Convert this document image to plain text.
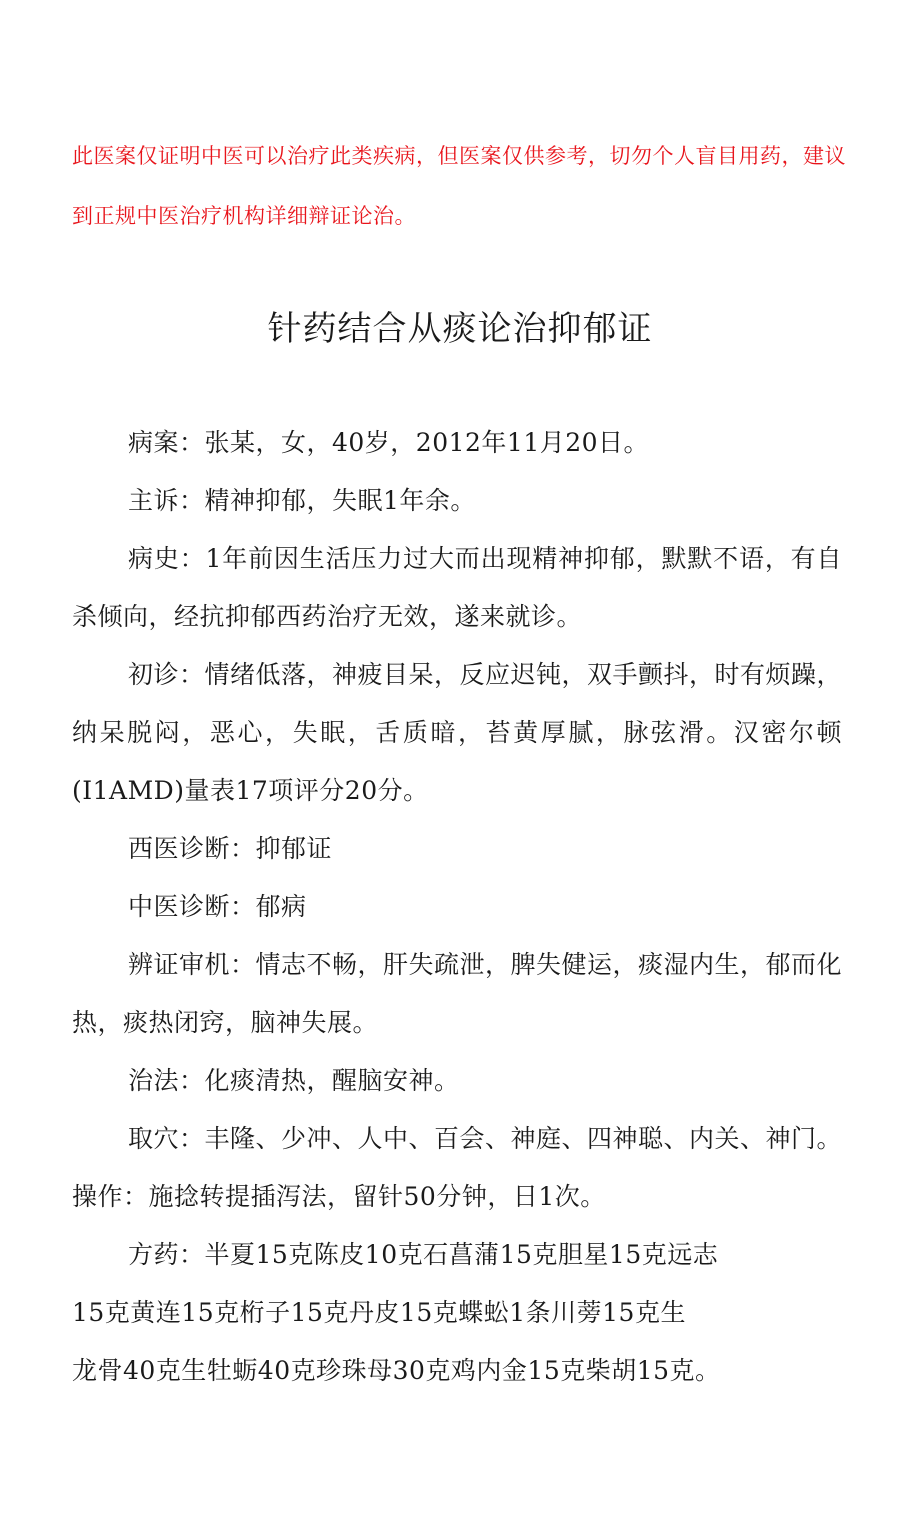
此医案仅证明中医可以治疗此类疾病，但医案仅供参考，切勿个人盲目用药，建议到正规中医治疗机构详细辩证论治。

针药结合从痰论治抑郁证

病案：张某，女，40岁，2012年11月20日。

主诉：精神抑郁，失眠1年余。

病史：1年前因生活压力过大而出现精神抑郁，默默不语，有自杀倾向，经抗抑郁西药治疗无效，遂来就诊。

初诊：情绪低落，神疲目呆，反应迟钝，双手颤抖，时有烦躁，纳呆脱闷，恶心，失眠，舌质暗，苔黄厚腻，脉弦滑。汉密尔顿(I1AMD)量表17项评分20分。

西医诊断：抑郁证

中医诊断：郁病

辨证审机：情志不畅，肝失疏泄，脾失健运，痰湿内生，郁而化热，痰热闭窍，脑神失展。

治法：化痰清热，醒脑安神。

取穴：丰隆、少冲、人中、百会、神庭、四神聪、内关、神门。操作：施捻转提插泻法，留针50分钟，日1次。

方药：半夏15克陈皮10克石菖蒲15克胆星15克远志
15克黄连15克桁子15克丹皮15克蝶蚣1条川蒡15克生
龙骨40克生牡蛎40克珍珠母30克鸡内金15克柴胡15克。
